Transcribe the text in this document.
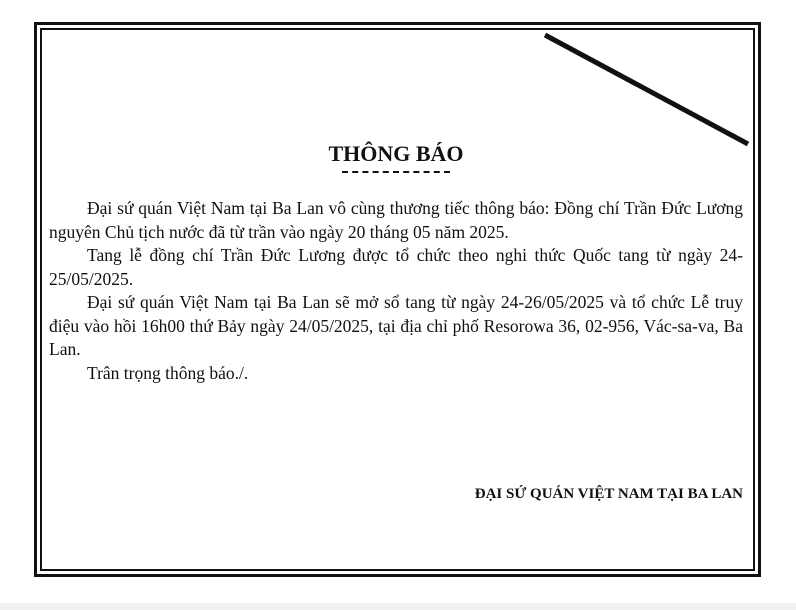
THÔNG BÁO

Đại sứ quán Việt Nam tại Ba Lan vô cùng thương tiếc thông báo: Đồng chí Trần Đức Lương nguyên Chủ tịch nước đã từ trần vào ngày 20 tháng 05 năm 2025.

Tang lễ đồng chí Trần Đức Lương được tổ chức theo nghi thức Quốc tang từ ngày 24-25/05/2025.

Đại sứ quán Việt Nam tại Ba Lan sẽ mở sổ tang từ ngày 24-26/05/2025 và tổ chức Lễ truy điệu vào hồi 16h00 thứ Bảy ngày 24/05/2025, tại địa chỉ phố Resorowa 36, 02-956, Vác-sa-va, Ba Lan.

Trân trọng thông báo./.

ĐẠI SỨ QUÁN VIỆT NAM TẠI BA LAN
